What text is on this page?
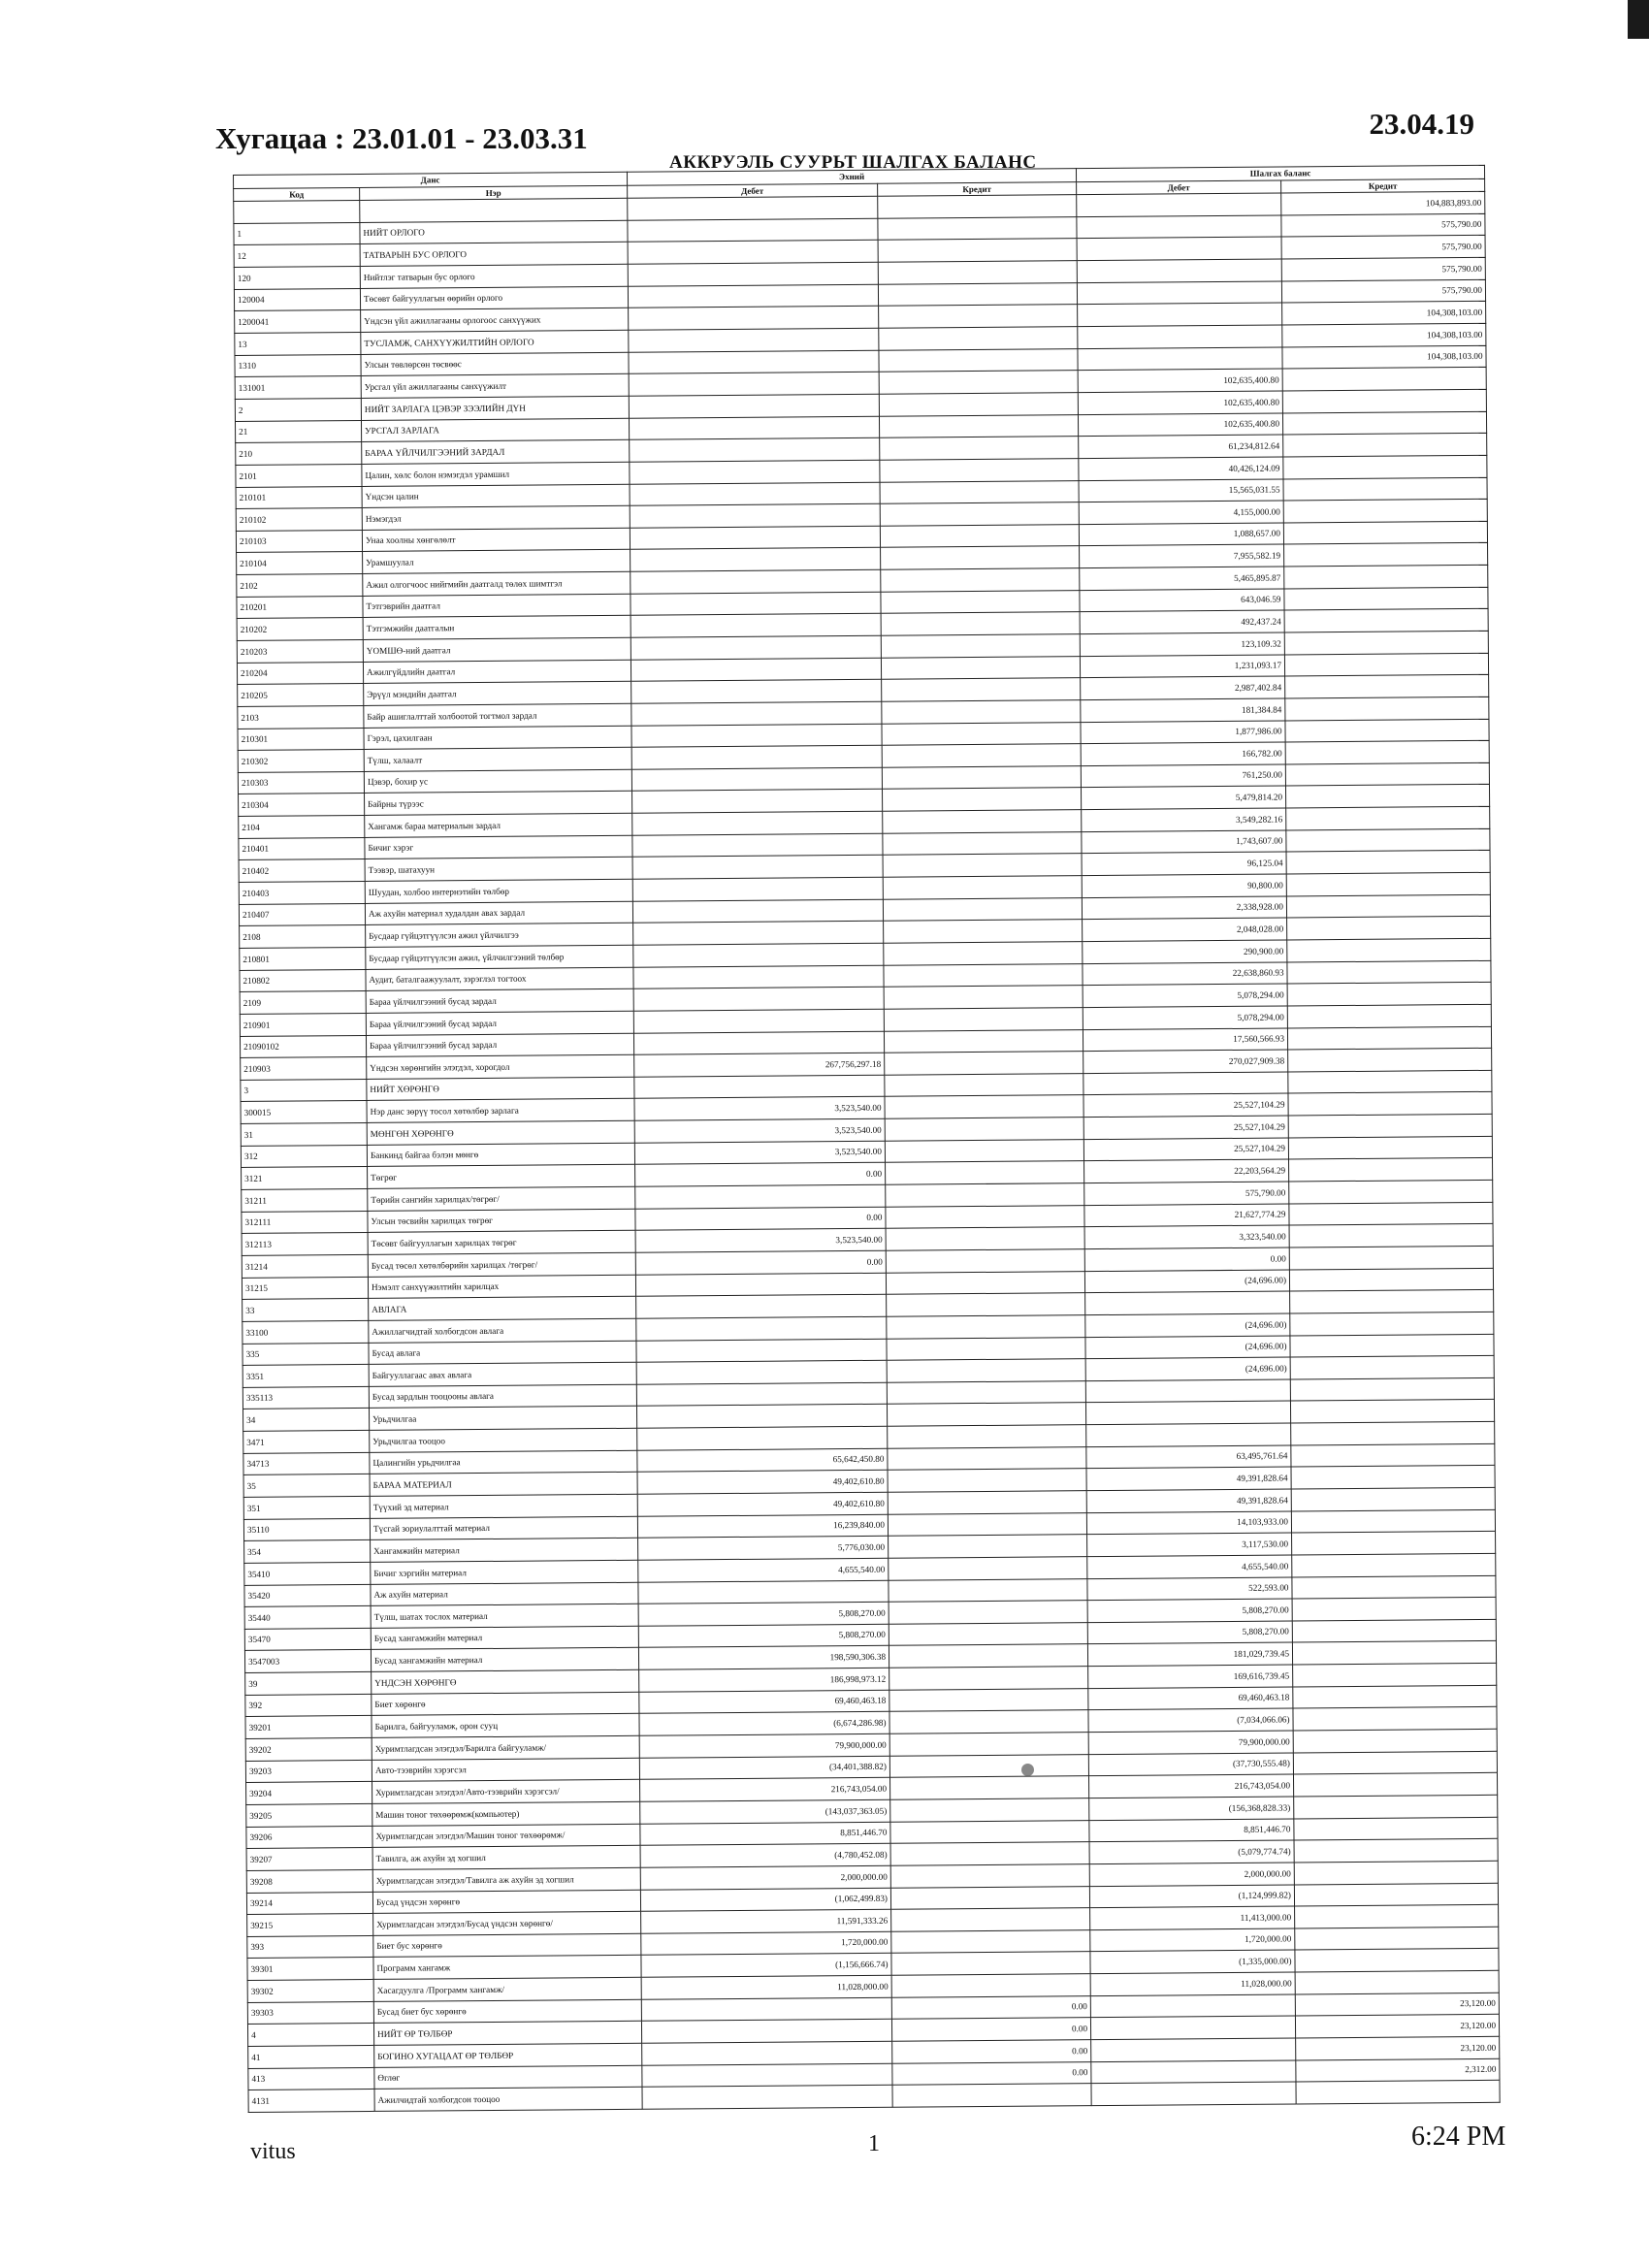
Хугацаа : 23.01.01 - 23.03.31	23.04.19
АККРУЭЛЬ СУУРЬТ ШАЛГАХ БАЛАНС
Данс		Эхний		Шалгах баланс	
Код	Нэр	Дебет	Кредит	Дебет	Кредит
					104,883,893.00
1	НИЙТ ОРЛОГО				575,790.00
12	ТАТВАРЫН БУС ОРЛОГО				575,790.00
120	Нийтлэг татварын бус орлого				575,790.00
120004	Төсөвт байгууллагын өөрийн орлого				575,790.00
1200041	Үндсэн үйл ажиллагааны орлогоос санхүүжих				104,308,103.00
13	ТУСЛАМЖ, САНХҮҮЖИЛТИЙН ОРЛОГО				104,308,103.00
1310	Улсын төвлөрсөн төсвөөс				104,308,103.00
131001	Урсгал үйл ажиллагааны санхүүжилт			102,635,400.80	
2	НИЙТ ЗАРЛАГА ЦЭВЭР ЗЭЭЛИЙН ДҮН			102,635,400.80	
21	УРСГАЛ ЗАРЛАГА			102,635,400.80	
210	БАРАА ҮЙЛЧИЛГЭЭНИЙ ЗАРДАЛ			61,234,812.64	
2101	Цалин, хөлс болон нэмэгдэл урамшил			40,426,124.09	
210101	Үндсэн цалин			15,565,031.55	
210102	Нэмэгдэл			4,155,000.00	
210103	Унаа хоолны хөнгөлөлт			1,088,657.00	
210104	Урамшуулал			7,955,582.19	
2102	Ажил олгогчоос нийгмийн даатгалд төлөх шимтгэл			5,465,895.87	
210201	Тэтгэврийн даатгал			643,046.59	
210202	Тэтгэмжийн даатгалын			492,437.24	
210203	ҮОМШӨ-ний даатгал			123,109.32	
210204	Ажилгүйдлийн даатгал			1,231,093.17	
210205	Эрүүл мэндийн даатгал			2,987,402.84	
2103	Байр ашиглалттай холбоотой тогтмол зардал			181,384.84	
210301	Гэрэл, цахилгаан			1,877,986.00	
210302	Түлш, халаалт			166,782.00	
210303	Цэвэр, бохир ус			761,250.00	
210304	Байрны түрээс			5,479,814.20	
2104	Хангамж бараа материалын зардал			3,549,282.16	
210401	Бичиг хэрэг			1,743,607.00	
210402	Тээвэр, шатахуун			96,125.04	
210403	Шуудан, холбоо интернэтийн төлбөр			90,800.00	
210407	Аж ахуйн материал худалдан авах зардал			2,338,928.00	
2108	Бусдаар гүйцэтгүүлсэн ажил үйлчилгээ			2,048,028.00	
210801	Бусдаар гүйцэтгүүлсэн ажил, үйлчилгээний төлбөр			290,900.00	
210802	Аудит, баталгаажуулалт, зэрэглэл тогтоох			22,638,860.93	
2109	Бараа үйлчилгээний бусад зардал			5,078,294.00	
210901	Бараа үйлчилгээний бусад зардал			5,078,294.00	
21090102	Бараа үйлчилгээний бусад зардал			17,560,566.93	
210903	Үндсэн хөрөнгийн элэгдэл, хорогдол	267,756,297.18		270,027,909.38	
3	НИЙТ ХӨРӨНГӨ				
300015	Нэр данс зөрүү тосол хөтөлбөр зарлага	3,523,540.00		25,527,104.29	
31	МӨНГӨН ХӨРӨНГӨ	3,523,540.00		25,527,104.29	
312	Банкинд байгаа бэлэн мөнгө	3,523,540.00		25,527,104.29	
3121	Төгрөг	0.00		22,203,564.29	
31211	Төрийн сангийн харилцах/төгрөг/			575,790.00	
312111	Улсын төсвийн харилцах төгрөг	0.00		21,627,774.29	
312113	Төсөвт байгууллагын харилцах төгрөг	3,523,540.00		3,323,540.00	
31214	Бусад төсөл хөтөлбөрийн харилцах /төгрөг/	0.00		0.00	
31215	Нэмэлт санхүүжилтийн харилцах			(24,696.00)	
33	АВЛАГА				
33100	Ажиллагчидтай холбогдсон авлага			(24,696.00)	
335	Бусад авлага			(24,696.00)	
3351	Байгууллагаас авах авлага			(24,696.00)	
335113	Бусад зардлын тооцооны авлага				
34	Урьдчилгаа				
3471	Урьдчилгаа тооцоо				
34713	Цалингийн урьдчилгаа	65,642,450.80		63,495,761.64	
35	БАРАА МАТЕРИАЛ	49,402,610.80		49,391,828.64	
351	Түүхий эд материал	49,402,610.80		49,391,828.64	
35110	Түсгай зориулалттай материал	16,239,840.00		14,103,933.00	
354	Хангамжийн материал	5,776,030.00		3,117,530.00	
35410	Бичиг хэргийн материал	4,655,540.00		4,655,540.00	
35420	Аж ахуйн материал			522,593.00	
35440	Түлш, шатах тослох материал	5,808,270.00		5,808,270.00	
35470	Бусад хангамжийн материал	5,808,270.00		5,808,270.00	
3547003	Бусад хангамжийн материал	198,590,306.38		181,029,739.45	
39	ҮНДСЭН ХӨРӨНГӨ	186,998,973.12		169,616,739.45	
392	Биет хөрөнгө	69,460,463.18		69,460,463.18	
39201	Барилга, байгууламж, орон сууц	(6,674,286.98)		(7,034,066.06)	
39202	Хуримтлагдсан элэгдэл/Барилга байгууламж/	79,900,000.00		79,900,000.00	
39203	Авто-тээврийн хэрэгсэл	(34,401,388.82)		(37,730,555.48)	
39204	Хуримтлагдсан элэгдэл/Авто-тээврийн хэрэгсэл/	216,743,054.00		216,743,054.00	
39205	Машин тоног төхөөрөмж(компьютер)	(143,037,363.05)		(156,368,828.33)	
39206	Хуримтлагдсан элэгдэл/Машин тоног төхөөрөмж/	8,851,446.70		8,851,446.70	
39207	Тавилга, аж ахуйн эд хогшил	(4,780,452.08)		(5,079,774.74)	
39208	Хуримтлагдсан элэгдэл/Тавилга аж ахуйн эд хогшил	2,000,000.00		2,000,000.00	
39214	Бусад үндсэн хөрөнгө	(1,062,499.83)		(1,124,999.82)	
39215	Хуримтлагдсан элэгдэл/Бусад үндсэн хөрөнгө/	11,591,333.26		11,413,000.00	
393	Биет бус хөрөнгө	1,720,000.00		1,720,000.00	
39301	Программ хангамж	(1,156,666.74)		(1,335,000.00)	
39302	Хасагдуулга /Программ хангамж/	11,028,000.00		11,028,000.00	
39303	Бусад биет бус хөрөнгө		0.00		23,120.00
4	НИЙТ ӨР ТӨЛБӨР		0.00		23,120.00
41	БОГИНО ХУГАЦААТ ӨР ТӨЛБӨР		0.00		23,120.00
413	Өглөг		0.00		2,312.00
4131	Ажилчидтай холбогдсон тооцоо				
vitus	1	6:24 PM
